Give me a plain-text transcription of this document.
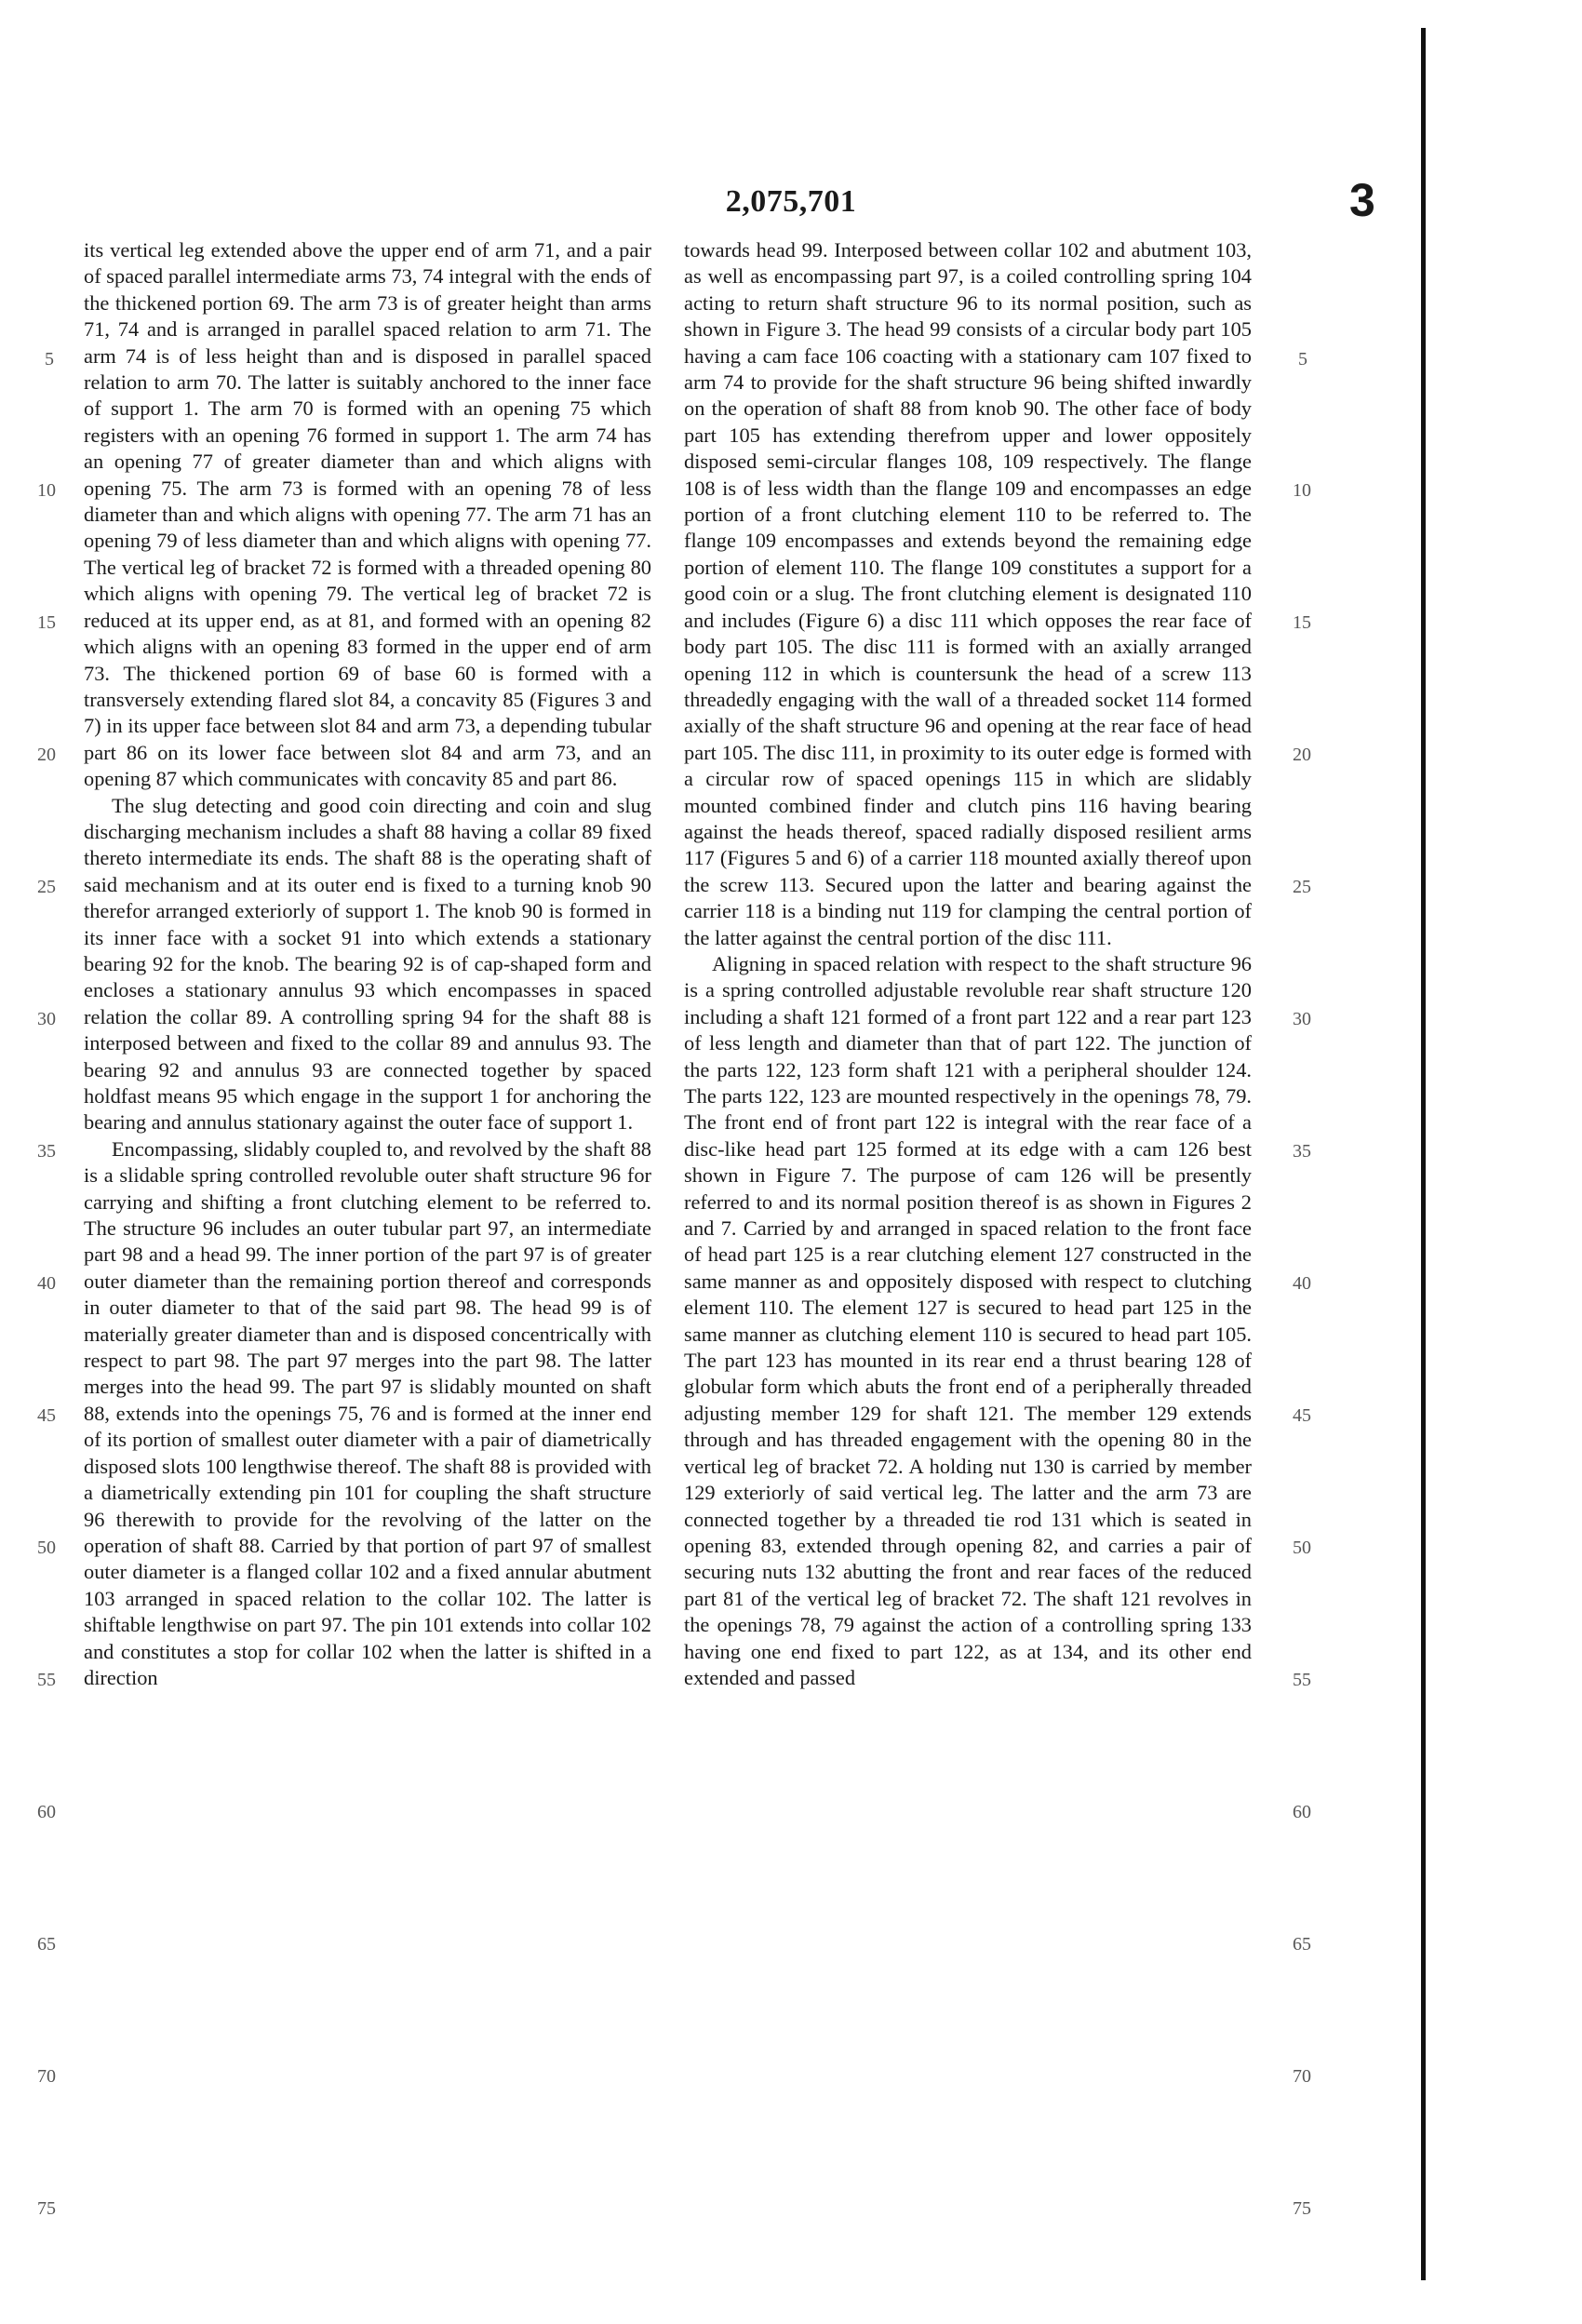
2,075,701	3

its vertical leg extended above the upper end of arm 71, and a pair of spaced parallel intermediate arms 73, 74 integral with the ends of the thickened portion 69. The arm 73 is of greater height than arms 71, 74 and is arranged in parallel spaced relation to arm 71. The arm 74 is of less height than and is disposed in parallel spaced relation to arm 70. The latter is suitably anchored to the inner face of support 1. The arm 70 is formed with an opening 75 which registers with an opening 76 formed in support 1. The arm 74 has an opening 77 of greater diameter than and which aligns with opening 75. The arm 73 is formed with an opening 78 of less diameter than and which aligns with opening 77. The arm 71 has an opening 79 of less diameter than and which aligns with opening 77. The vertical leg of bracket 72 is formed with a threaded opening 80 which aligns with opening 79. The vertical leg of bracket 72 is reduced at its upper end, as at 81, and formed with an opening 82 which aligns with an opening 83 formed in the upper end of arm 73. The thickened portion 69 of base 60 is formed with a transversely extending flared slot 84, a concavity 85 (Figures 3 and 7) in its upper face between slot 84 and arm 73, a depending tubular part 86 on its lower face between slot 84 and arm 73, and an opening 87 which communicates with concavity 85 and part 86.

The slug detecting and good coin directing and coin and slug discharging mechanism includes a shaft 88 having a collar 89 fixed thereto intermediate its ends. The shaft 88 is the operating shaft of said mechanism and at its outer end is fixed to a turning knob 90 therefor arranged exteriorly of support 1. The knob 90 is formed in its inner face with a socket 91 into which extends a stationary bearing 92 for the knob. The bearing 92 is of cap-shaped form and encloses a stationary annulus 93 which encompasses in spaced relation the collar 89. A controlling spring 94 for the shaft 88 is interposed between and fixed to the collar 89 and annulus 93. The bearing 92 and annulus 93 are connected together by spaced holdfast means 95 which engage in the support 1 for anchoring the bearing and annulus stationary against the outer face of support 1.

Encompassing, slidably coupled to, and revolved by the shaft 88 is a slidable spring controlled revoluble outer shaft structure 96 for carrying and shifting a front clutching element to be referred to. The structure 96 includes an outer tubular part 97, an intermediate part 98 and a head 99. The inner portion of the part 97 is of greater outer diameter than the remaining portion thereof and corresponds in outer diameter to that of the said part 98. The head 99 is of materially greater diameter than and is disposed concentrically with respect to part 98. The part 97 merges into the part 98. The latter merges into the head 99. The part 97 is slidably mounted on shaft 88, extends into the openings 75, 76 and is formed at the inner end of its portion of smallest outer diameter with a pair of diametrically disposed slots 100 lengthwise thereof. The shaft 88 is provided with a diametrically extending pin 101 for coupling the shaft structure 96 therewith to provide for the revolving of the latter on the operation of shaft 88. Carried by that portion of part 97 of smallest outer diameter is a flanged collar 102 and a fixed annular abutment 103 arranged in spaced relation to the collar 102. The latter is shiftable lengthwise on part 97. The pin 101 extends into collar 102 and constitutes a stop for collar 102 when the latter is shifted in a direction

towards head 99. Interposed between collar 102 and abutment 103, as well as encompassing part 97, is a coiled controlling spring 104 acting to return shaft structure 96 to its normal position, such as shown in Figure 3. The head 99 consists of a circular body part 105 having a cam face 106 coacting with a stationary cam 107 fixed to arm 74 to provide for the shaft structure 96 being shifted inwardly on the operation of shaft 88 from knob 90. The other face of body part 105 has extending therefrom upper and lower oppositely disposed semi-circular flanges 108, 109 respectively. The flange 108 is of less width than the flange 109 and encompasses an edge portion of a front clutching element 110 to be referred to. The flange 109 encompasses and extends beyond the remaining edge portion of element 110. The flange 109 constitutes a support for a good coin or a slug. The front clutching element is designated 110 and includes (Figure 6) a disc 111 which opposes the rear face of body part 105. The disc 111 is formed with an axially arranged opening 112 in which is countersunk the head of a screw 113 threadedly engaging with the wall of a threaded socket 114 formed axially of the shaft structure 96 and opening at the rear face of head part 105. The disc 111, in proximity to its outer edge is formed with a circular row of spaced openings 115 in which are slidably mounted combined finder and clutch pins 116 having bearing against the heads thereof, spaced radially disposed resilient arms 117 (Figures 5 and 6) of a carrier 118 mounted axially thereof upon the screw 113. Secured upon the latter and bearing against the carrier 118 is a binding nut 119 for clamping the central portion of the latter against the central portion of the disc 111.

Aligning in spaced relation with respect to the shaft structure 96 is a spring controlled adjustable revoluble rear shaft structure 120 including a shaft 121 formed of a front part 122 and a rear part 123 of less length and diameter than that of part 122. The junction of the parts 122, 123 form shaft 121 with a peripheral shoulder 124. The parts 122, 123 are mounted respectively in the openings 78, 79. The front end of front part 122 is integral with the rear face of a disc-like head part 125 formed at its edge with a cam 126 best shown in Figure 7. The purpose of cam 126 will be presently referred to and its normal position thereof is as shown in Figures 2 and 7. Carried by and arranged in spaced relation to the front face of head part 125 is a rear clutching element 127 constructed in the same manner as and oppositely disposed with respect to clutching element 110. The element 127 is secured to head part 125 in the same manner as clutching element 110 is secured to head part 105. The part 123 has mounted in its rear end a thrust bearing 128 of globular form which abuts the front end of a peripherally threaded adjusting member 129 for shaft 121. The member 129 extends through and has threaded engagement with the opening 80 in the vertical leg of bracket 72. A holding nut 130 is carried by member 129 exteriorly of said vertical leg. The latter and the arm 73 are connected together by a threaded tie rod 131 which is seated in opening 83, extended through opening 82, and carries a pair of securing nuts 132 abutting the front and rear faces of the reduced part 81 of the vertical leg of bracket 72. The shaft 121 revolves in the openings 78, 79 against the action of a controlling spring 133 having one end fixed to part 122, as at 134, and its other end extended and passed

5
10
15
20
25
30
35
40
45
50
55
60
65
70
75
5
10
15
20
25
30
35
40
45
50
55
60
65
70
75
